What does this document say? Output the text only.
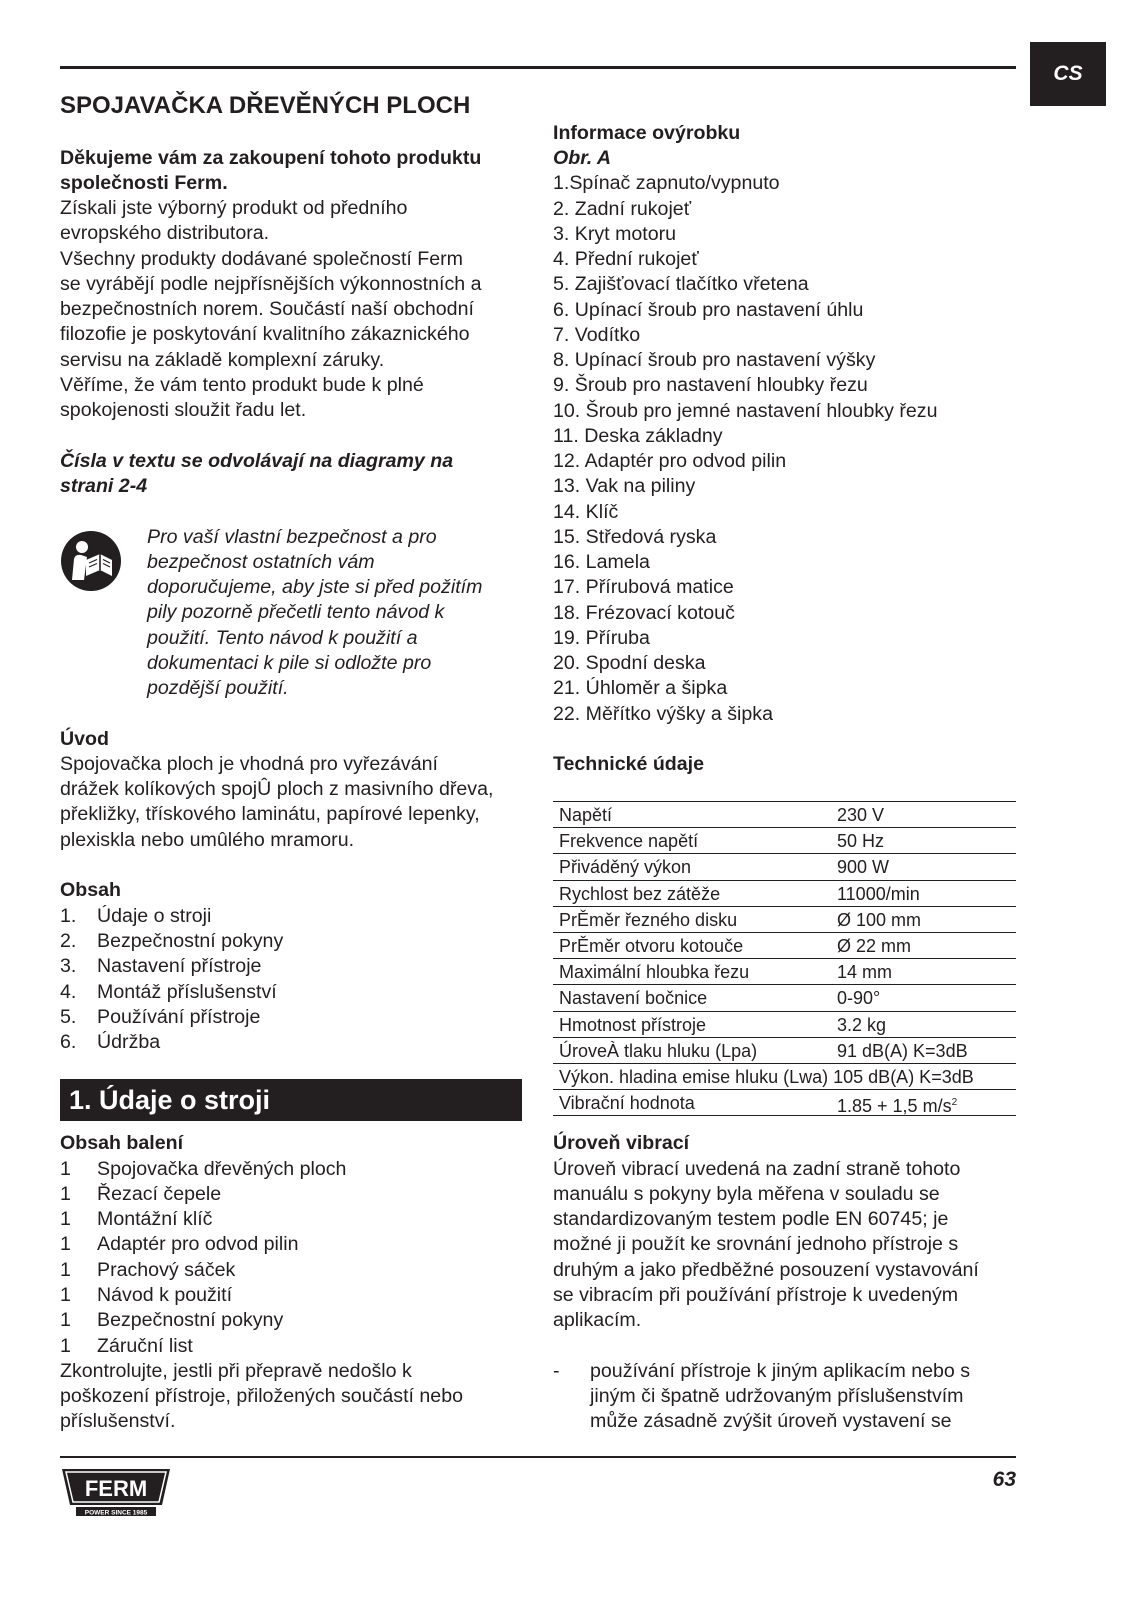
CS
SPOJAVAČKA DŘEVĚNÝCH PLOCH
Děkujeme vám za zakoupení tohoto produktu
společnosti Ferm.
Získali jste výborný produkt od předního
evropského distributora.
Všechny produkty dodávané společností Ferm
se vyrábějí podle nejpřísnějších výkonnostních a
bezpečnostních norem. Součástí naší obchodní
filozofie je poskytování kvalitního zákaznického
servisu na základě komplexní záruky.
Věříme, že vám tento produkt bude k plné
spokojenosti sloužit řadu let.
Čísla v textu se odvolávají na diagramy na
strani 2-4
Pro vaší vlastní bezpečnost a pro
bezpečnost ostatních vám
doporučujeme, aby jste si před požitím
pily pozorně přečetli tento návod k
použití. Tento návod k použití a
dokumentaci k pile si odložte pro
pozdější použití.
Úvod
Spojovačka ploch je vhodná pro vyřezávání
drážek kolíkových spojÛ ploch z masivního dřeva,
překližky, třískového laminátu, papírové lepenky,
plexiskla nebo umûlého mramoru.
Obsah
1. Údaje o stroji
2. Bezpečnostní pokyny
3. Nastavení přístroje
4. Montáž příslušenství
5. Používání přístroje
6. Údržba
Obsah balení
1 Spojovačka dřevěných ploch
1 Řezací čepele
1 Montážní klíč
1 Adaptér pro odvod pilin
1 Prachový sáček
1 Návod k použití
1 Bezpečnostní pokyny
1 Záruční list
Zkontrolujte, jestli při přepravě nedošlo k
poškození přístroje, přiložených součástí nebo
příslušenství.
1. Údaje o stroji
Informace ovýrobku
Obr. A
1.Spínač zapnuto/vypnuto
2. Zadní rukojeť
3. Kryt motoru
4. Přední rukojeť
5. Zajišťovací tlačítko vřetena
6. Upínací šroub pro nastavení úhlu
7. Vodítko
8. Upínací šroub pro nastavení výšky
9. Šroub pro nastavení hloubky řezu
10. Šroub pro jemné nastavení hloubky řezu
11. Deska základny
12. Adaptér pro odvod pilin
13. Vak na piliny
14. Klíč
15. Středová ryska
16. Lamela
17. Přírubová matice
18. Frézovací kotouč
19. Příruba
20. Spodní deska
21. Úhloměr a šipka
22. Měřítko výšky a šipka
Technické údaje
Úroveň vibrací
Úroveň vibrací uvedená na zadní straně tohoto
manuálu s pokyny byla měřena v souladu se
standardizovaným testem podle EN 60745; je
možné ji použít ke srovnání jednoho přístroje s
druhým a jako předběžné posouzení vystavování
se vibracím při používání přístroje k uvedeným
aplikacím.
- používání přístroje k jiným aplikacím nebo s
jiným či špatně udržovaným příslušenstvím
může zásadně zvýšit úroveň vystavení se
Napětí	230 V
Frekvence napětí	50 Hz
Přiváděný výkon	900 W
Rychlost bez zátěže	11000/min
PrĚměr řezného disku	Ø 100 mm
PrĚměr otvoru kotouče	Ø 22 mm
Maximální hloubka řezu	14 mm
Nastavení bočnice	0-90°
Hmotnost přístroje	3.2 kg
ÚroveÀ tlaku hluku (Lpa)	91 dB(A) K=3dB
Výkon. hladina emise hluku (Lwa) 105 dB(A) K=3dB
Vibrační hodnota	1.85 + 1,5 $m/s^2$
FERM
POWER SINCE 1985
63
